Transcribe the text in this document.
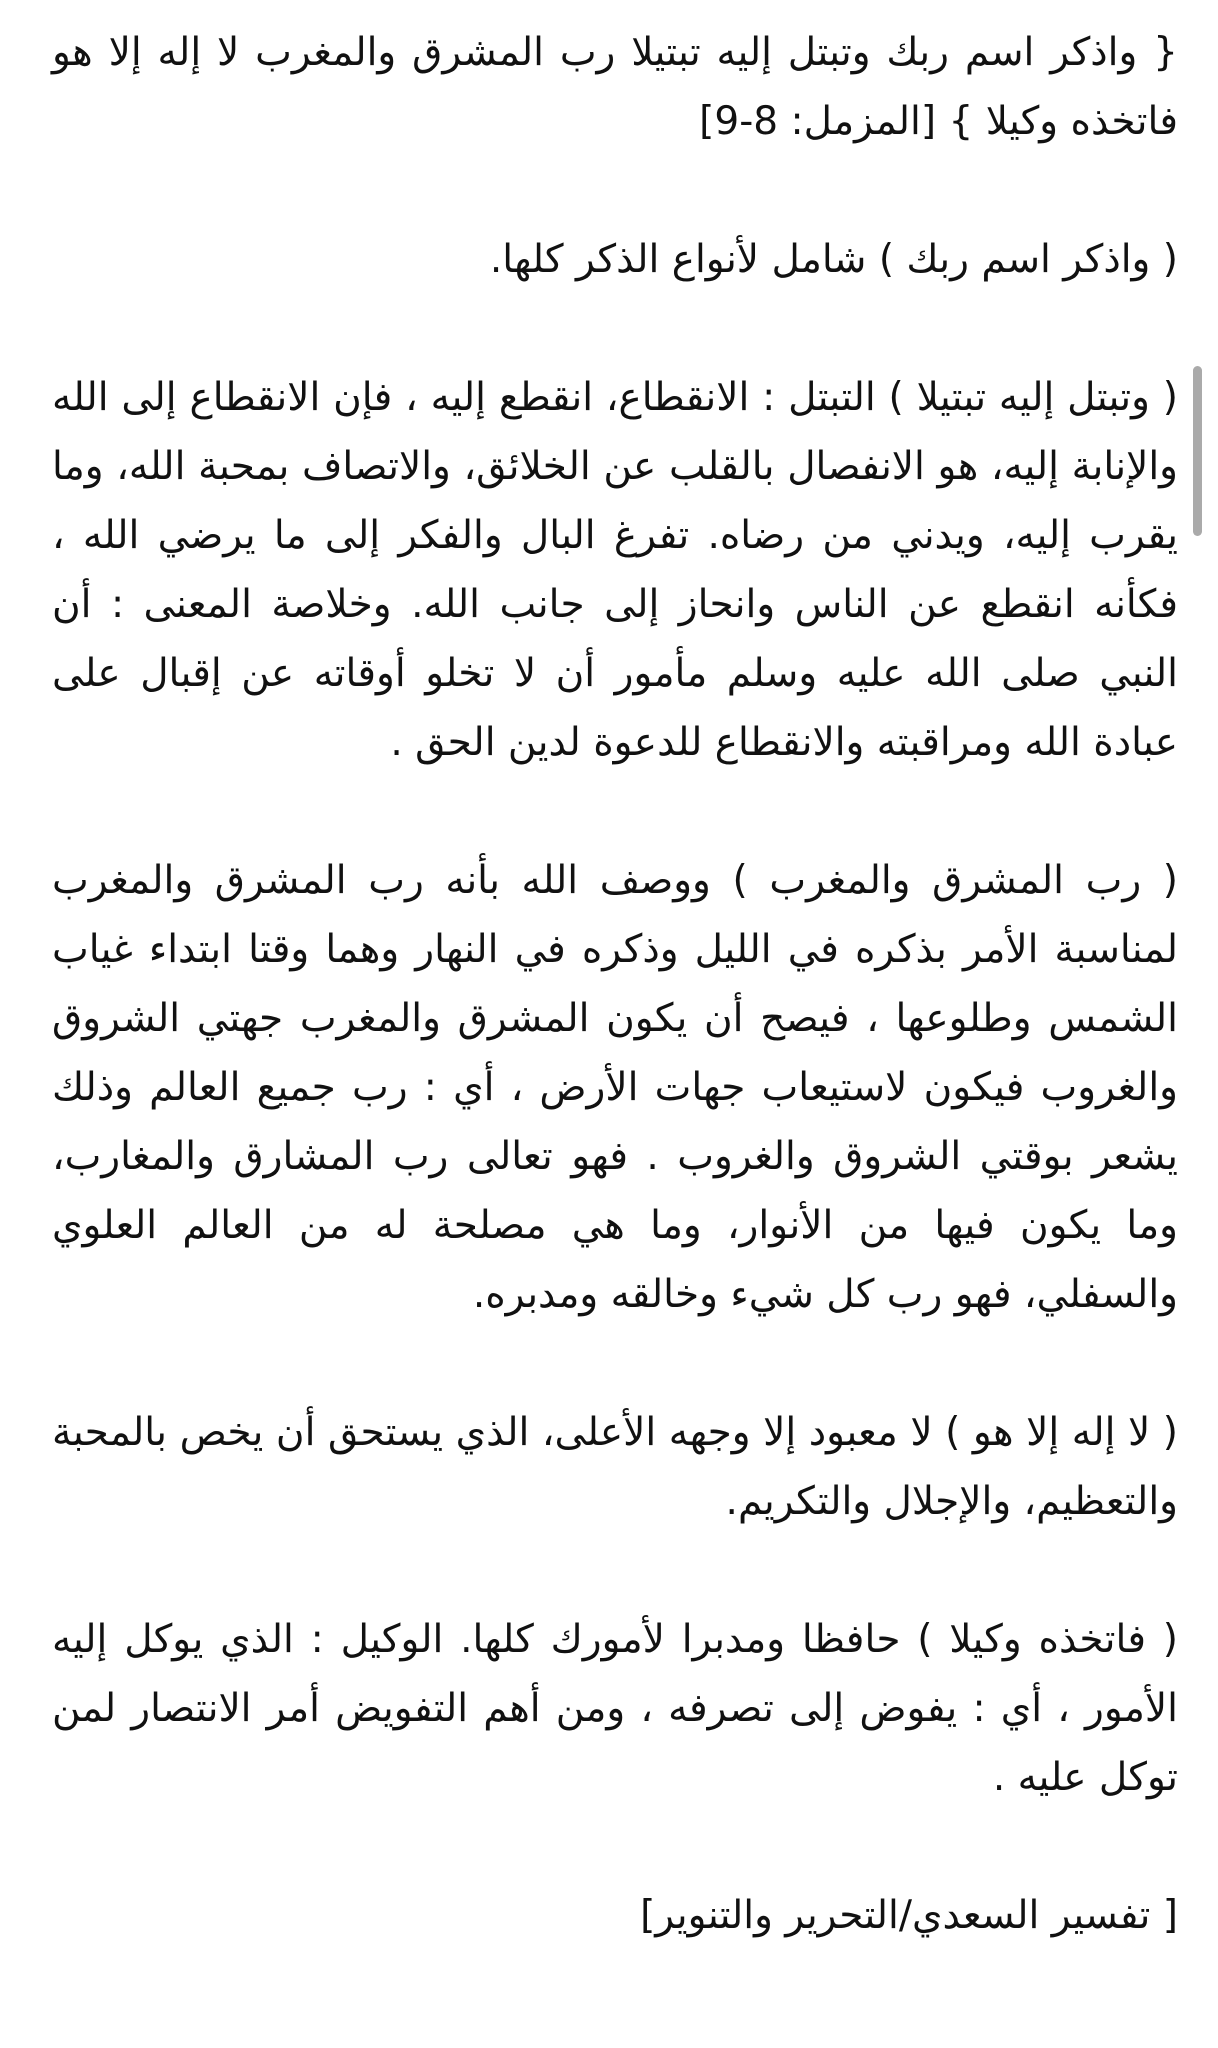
{ واذكر اسم ربك وتبتل إليه تبتيلا رب المشرق والمغرب لا إله إلا هو فاتخذه وكيلا } [المزمل: 8-9]

( واذكر اسم ربك ) شامل لأنواع الذكر كلها.

( وتبتل إليه تبتيلا ) التبتل : الانقطاع، انقطع إليه ، فإن الانقطاع إلى الله والإنابة إليه، هو الانفصال بالقلب عن الخلائق، والاتصاف بمحبة الله، وما يقرب إليه، ويدني من رضاه. تفرغ البال والفكر إلى ما يرضي الله ، فكأنه انقطع عن الناس وانحاز إلى جانب الله. وخلاصة المعنى : أن النبي صلى الله عليه وسلم مأمور أن لا تخلو أوقاته عن إقبال على عبادة الله ومراقبته والانقطاع للدعوة لدين الحق .

( رب المشرق والمغرب ) ووصف الله بأنه رب المشرق والمغرب لمناسبة الأمر بذكره في الليل وذكره في النهار وهما وقتا ابتداء غياب الشمس وطلوعها ، فيصح أن يكون المشرق والمغرب جهتي الشروق والغروب فيكون لاستيعاب جهات الأرض ، أي : رب جميع العالم وذلك يشعر بوقتي الشروق والغروب . فهو تعالى رب المشارق والمغارب، وما يكون فيها من الأنوار، وما هي مصلحة له من العالم العلوي والسفلي، فهو رب كل شيء وخالقه ومدبره.

( لا إله إلا هو ) لا معبود إلا وجهه الأعلى، الذي يستحق أن يخص بالمحبة والتعظيم، والإجلال والتكريم.

( فاتخذه وكيلا ) حافظا ومدبرا لأمورك كلها. الوكيل : الذي يوكل إليه الأمور ، أي : يفوض إلى تصرفه ، ومن أهم التفويض أمر الانتصار لمن توكل عليه .

[ تفسير السعدي/التحرير والتنوير]
